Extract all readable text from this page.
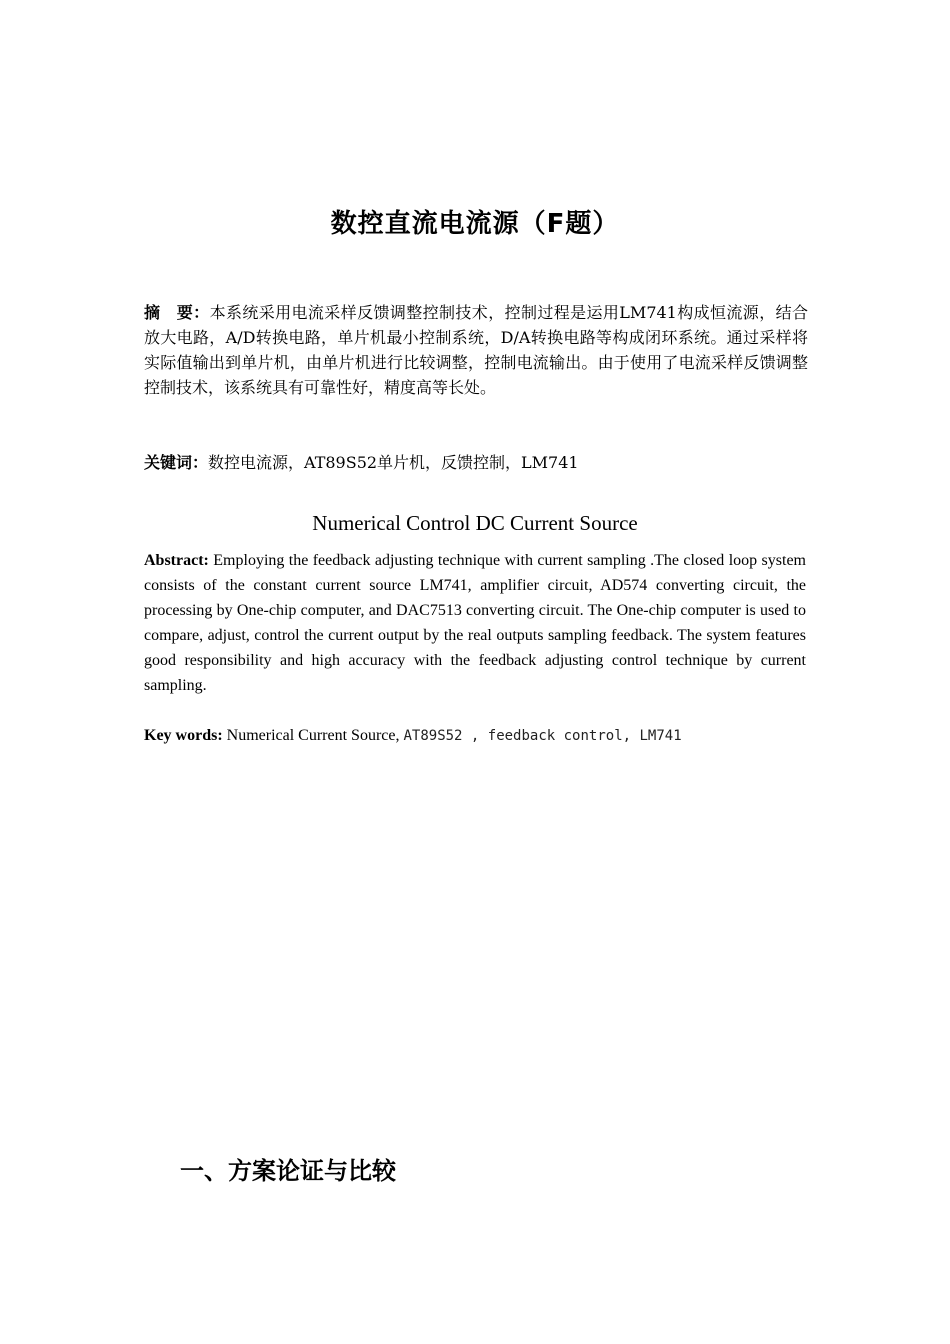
数控直流电流源（F题）

摘　要：本系统采用电流采样反馈调整控制技术，控制过程是运用LM741构成恒流源，结合放大电路，A/D转换电路，单片机最小控制系统，D/A转换电路等构成闭环系统。通过采样将实际值输出到单片机，由单片机进行比较调整，控制电流输出。由于使用了电流采样反馈调整控制技术，该系统具有可靠性好，精度高等长处。

关键词：数控电流源，AT89S52单片机，反馈控制，LM741

Numerical Control DC Current Source

Abstract: Employing the feedback adjusting technique with current sampling .The closed loop system consists of the constant current source LM741, amplifier circuit, AD574 converting circuit, the processing by One-chip computer, and DAC7513 converting circuit. The One-chip computer is used to compare, adjust, control the current output by the real outputs sampling feedback. The system features good responsibility and high accuracy with the feedback adjusting control technique by current sampling.

Key words: Numerical Current Source, AT89S52 , feedback control, LM741

一、方案论证与比较
